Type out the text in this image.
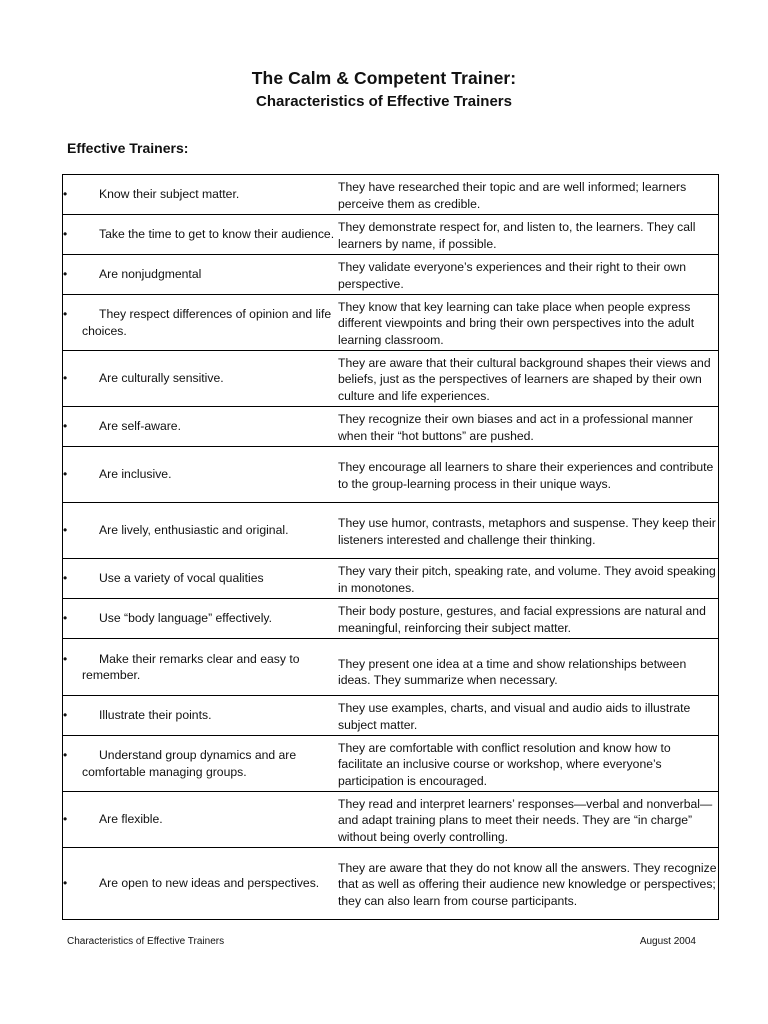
The Calm & Competent Trainer:
Characteristics of Effective Trainers
Effective Trainers:
• Know their subject matter.	They have researched their topic and are well informed; learners perceive them as credible.

• Take the time to get to know their audience.	They demonstrate respect for, and listen to, the learners. They call learners by name, if possible.

• Are nonjudgmental	They validate everyone’s experiences and their right to their own perspective.

• They respect differences of opinion and life choices.	They know that key learning can take place when people express different viewpoints and bring their own perspectives into the adult learning classroom.

• Are culturally sensitive.	They are aware that their cultural background shapes their views and beliefs, just as the perspectives of learners are shaped by their own culture and life experiences.

• Are self-aware.	They recognize their own biases and act in a professional manner when their “hot buttons” are pushed.

• Are inclusive.	They encourage all learners to share their experiences and contribute to the group-learning process in their unique ways.

• Are lively, enthusiastic and original.	They use humor, contrasts, metaphors and suspense. They keep their listeners interested and challenge their thinking.

• Use a variety of vocal qualities	They vary their pitch, speaking rate, and volume. They avoid speaking in monotones.

• Use “body language” effectively.	Their body posture, gestures, and facial expressions are natural and meaningful, reinforcing their subject matter.

• Make their remarks clear and easy to remember.	They present one idea at a time and show relationships between ideas. They summarize when necessary.

• Illustrate their points.	They use examples, charts, and visual and audio aids to illustrate subject matter.

• Understand group dynamics and are comfortable managing groups.	They are comfortable with conflict resolution and know how to facilitate an inclusive course or workshop, where everyone’s participation is encouraged.

• Are flexible.	They read and interpret learners’ responses—verbal and nonverbal—and adapt training plans to meet their needs. They are “in charge” without being overly controlling.

• Are open to new ideas and perspectives.	They are aware that they do not know all the answers. They recognize that as well as offering their audience new knowledge or perspectives; they can also learn from course participants.
Characteristics of Effective Trainers	August 2004
